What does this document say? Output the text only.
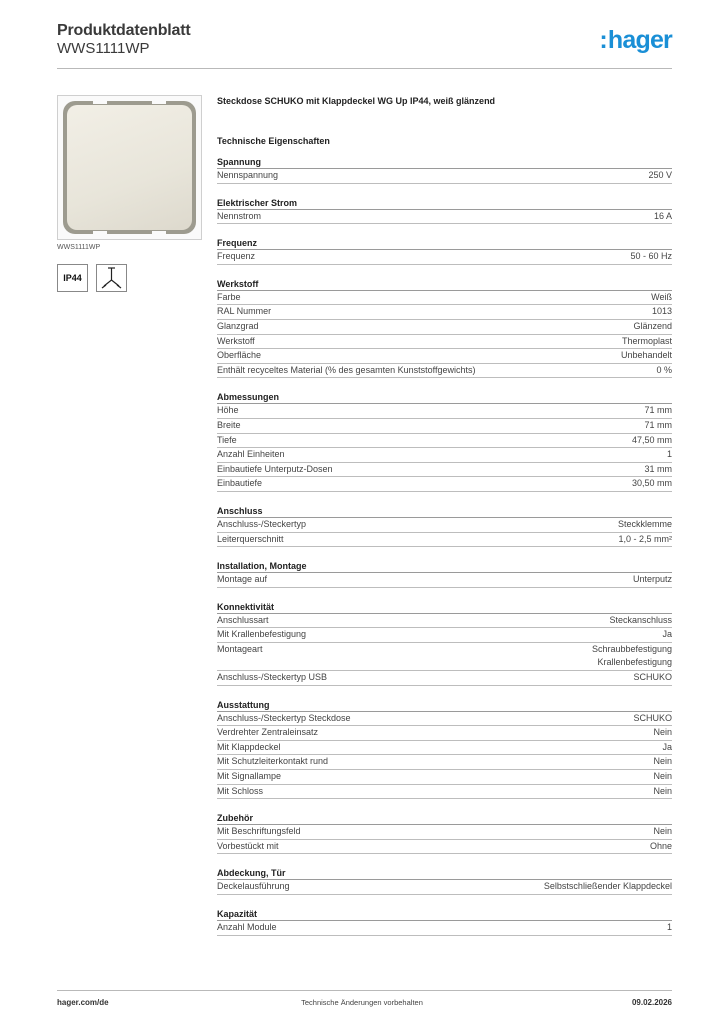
Produktdatenblatt
WWS1111WP	:hager
WWS1111WP
IP44
Steckdose SCHUKO mit Klappdeckel WG Up IP44, weiß glänzend
Technische Eigenschaften
Spannung
Nennspannung	250 V
Elektrischer Strom
Nennstrom	16 A
Frequenz
Frequenz	50 - 60 Hz
Werkstoff
Farbe	Weiß
RAL Nummer	1013
Glanzgrad	Glänzend
Werkstoff	Thermoplast
Oberfläche	Unbehandelt
Enthält recyceltes Material (% des gesamten Kunststoffgewichts)	0 %
Abmessungen
Höhe	71 mm
Breite	71 mm
Tiefe	47,50 mm
Anzahl Einheiten	1
Einbautiefe Unterputz-Dosen	31 mm
Einbautiefe	30,50 mm
Anschluss
Anschluss-/Steckertyp	Steckklemme
Leiterquerschnitt	1,0 - 2,5 mm²
Installation, Montage
Montage auf	Unterputz
Konnektivität
Anschlussart	Steckanschluss
Mit Krallenbefestigung	Ja
Montageart	Schraubbefestigung
Krallenbefestigung
Anschluss-/Steckertyp USB	SCHUKO
Ausstattung
Anschluss-/Steckertyp Steckdose	SCHUKO
Verdrehter Zentraleinsatz	Nein
Mit Klappdeckel	Ja
Mit Schutzleiterkontakt rund	Nein
Mit Signallampe	Nein
Mit Schloss	Nein
Zubehör
Mit Beschriftungsfeld	Nein
Vorbestückt mit	Ohne
Abdeckung, Tür
Deckelausführung	Selbstschließender Klappdeckel
Kapazität
Anzahl Module	1
hager.com/de	Technische Änderungen vorbehalten	09.02.2026
